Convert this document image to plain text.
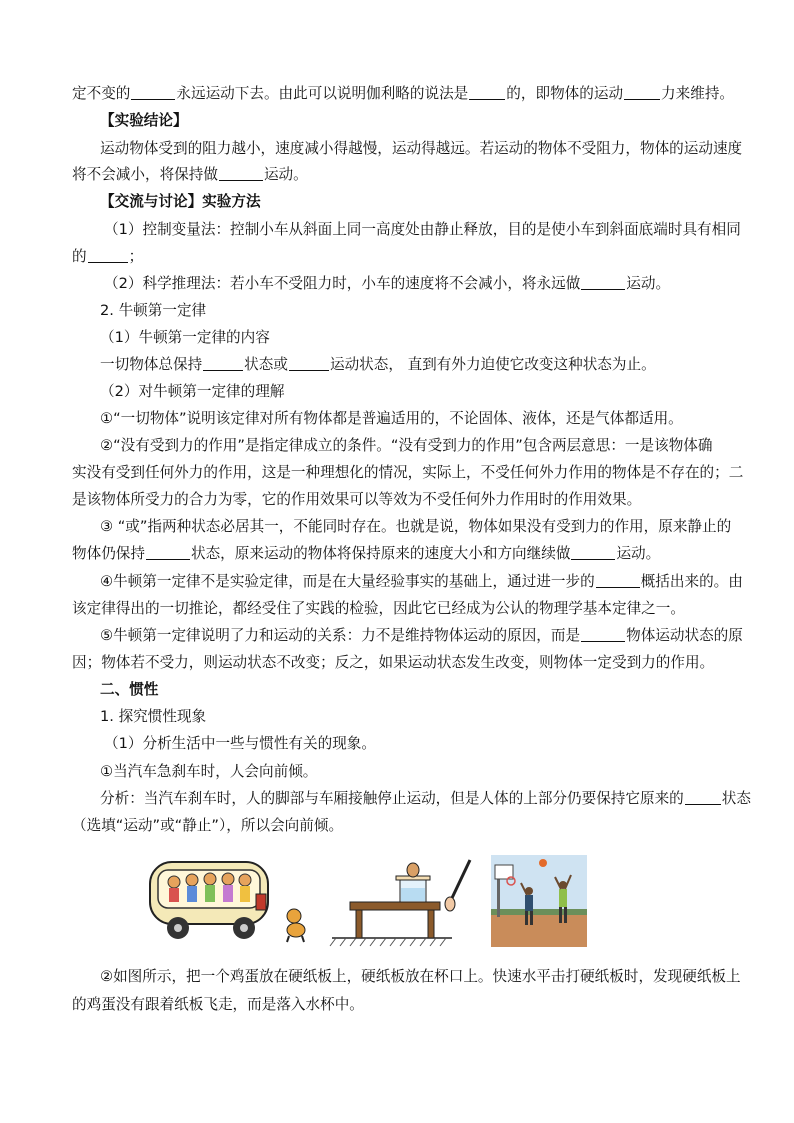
定不变的	永远运动下去。由此可以说明伽利略的说法是	的，即物体的运动	力来维持。
【实验结论】
运动物体受到的阻力越小，速度减小得越慢，运动得越远。若运动的物体不受阻力，物体的运动速度
将不会减小，将保持做	运动。
【交流与讨论】实验方法
（1）控制变量法：控制小车从斜面上同一高度处由静止释放，目的是使小车到斜面底端时具有相同
的	；
（2）科学推理法：若小车不受阻力时，小车的速度将不会减小，将永远做	运动。
2. 牛顿第一定律
（1）牛顿第一定律的内容
一切物体总保持	状态或	运动状态， 直到有外力迫使它改变这种状态为止。
（2）对牛顿第一定律的理解
①“一切物体”说明该定律对所有物体都是普遍适用的，不论固体、液体，还是气体都适用。
②“没有受到力的作用”是指定律成立的条件。“没有受到力的作用”包含两层意思：一是该物体确
实没有受到任何外力的作用，这是一种理想化的情况，实际上，不受任何外力作用的物体是不存在的；二
是该物体所受力的合力为零，它的作用效果可以等效为不受任何外力作用时的作用效果。
③ “或”指两种状态必居其一，不能同时存在。也就是说，物体如果没有受到力的作用，原来静止的
物体仍保持	状态，原来运动的物体将保持原来的速度大小和方向继续做	运动。
④牛顿第一定律不是实验定律，而是在大量经验事实的基础上，通过进一步的	概括出来的。由
该定律得出的一切推论，都经受住了实践的检验，因此它已经成为公认的物理学基本定律之一。
⑤牛顿第一定律说明了力和运动的关系：力不是维持物体运动的原因，而是	物体运动状态的原
因；物体若不受力，则运动状态不改变；反之，如果运动状态发生改变，则物体一定受到力的作用。
二、惯性
1. 探究惯性现象
（1）分析生活中一些与惯性有关的现象。
①当汽车急刹车时，人会向前倾。
分析：当汽车刹车时，人的脚部与车厢接触停止运动，但是人体的上部分仍要保持它原来的	状态
（选填“运动”或“静止”），所以会向前倾。
②如图所示，把一个鸡蛋放在硬纸板上，硬纸板放在杯口上。快速水平击打硬纸板时，发现硬纸板上
的鸡蛋没有跟着纸板飞走，而是落入水杯中。
